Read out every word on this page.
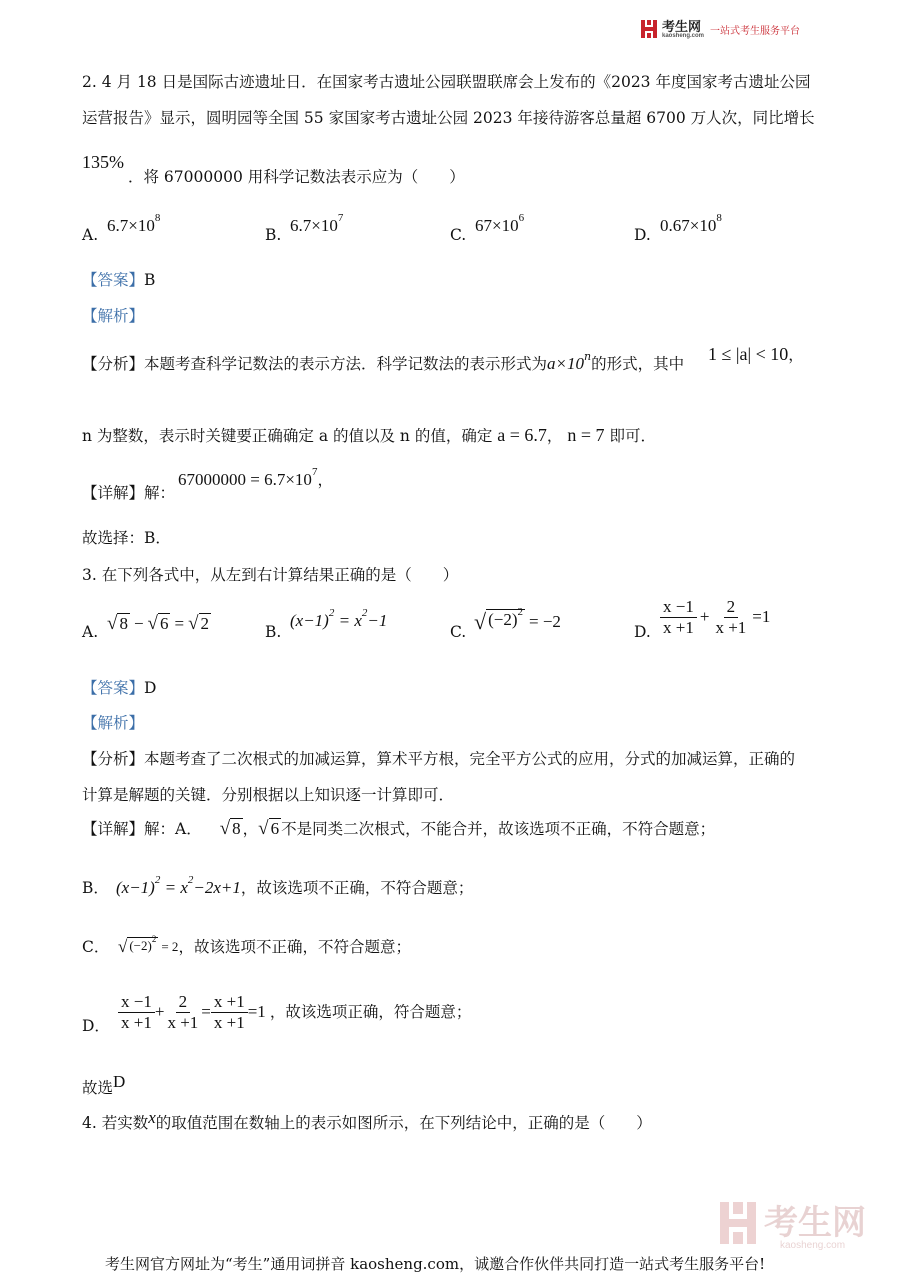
考生网
kaosheng.com 一站式考生服务平台
2. 4 月 18 日是国际古迹遗址日．在国家考古遗址公园联盟联席会上发布的《2023 年度国家考古遗址公园
运营报告》显示，圆明园等全国 55 家国家考古遗址公园 2023 年接待游客总量超 6700 万人次，同比增长
135%
．将 67000000 用科学记数法表示应为（　　）
A. $6.7\times 10^8$
B. $6.7\times 10^7$
C. $67\times 10^6$
D. $0.67\times 10^8$
【答案】B
【解析】
【分析】本题考查科学记数法的表示方法．科学记数法的表示形式为$a\times 10^n$的形式，其中 1 ≤ |a| < 10，
n 为整数，表示时关键要正确确定 a 的值以及 n 的值，确定 a = 6.7， n = 7 即可．
【详解】解：
$67000000 = 6.7\times 10^7$，
故选择：B．
3. 在下列各式中，从左到右计算结果正确的是（　　）
A. √ 8 − √ 6 = √ 2	B.
$(x-1)^2 = x^2-1$
C. √ $(-2)^2 = -2$
D. $\frac{x -1}{x +1} + \frac{2}{x +1} =1$
【答案】D
【解析】
【分析】本题考查了二次根式的加减运算，算术平方根，完全平方公式的应用，分式的加减运算，正确的
计算是解题的关键．分别根据以上知识逐一计算即可．
【详解】 解：A． √ 8 ， √ 6 不是同类二次根式，不能合并，故该选项不正确，不符合题意；
B． $(x-1)^2 = x^2-2x+1$ ，故该选项不正确，不符合题意；
C． √ $(-2)^2 = 2$ ，故该选项不正确，不符合题意；
D． $\frac{x -1}{x +1} + \frac{2}{x +1} = \frac{x +1}{x +1} =1$ ，故该选项正确，符合题意；
故选D
4. 若实数x的取值范围在数轴上的表示如图所示，在下列结论中，正确的是（　　）
考生网
kaosheng.com
考生网官方网址为“考生”通用词拼音 kaosheng.com，诚邀合作伙伴共同打造一站式考生服务平台!
